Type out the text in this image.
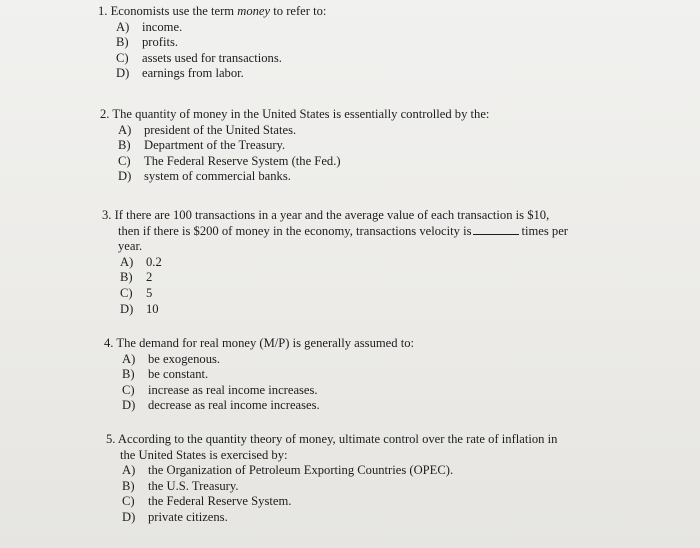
1. Economists use the term money to refer to:
A) income.
B) profits.
C) assets used for transactions.
D) earnings from labor.
2. The quantity of money in the United States is essentially controlled by the:
A) president of the United States.
B) Department of the Treasury.
C) The Federal Reserve System (the Fed.)
D) system of commercial banks.
3. If there are 100 transactions in a year and the average value of each transaction is $10,
then if there is $200 of money in the economy, transactions velocity is	times per
year.
A) 0.2
B) 2
C) 5
D) 10
4. The demand for real money (M/P) is generally assumed to:
A) be exogenous.
B) be constant.
C) increase as real income increases.
D) decrease as real income increases.
5. According to the quantity theory of money, ultimate control over the rate of inflation in
the United States is exercised by:
A) the Organization of Petroleum Exporting Countries (OPEC).
B) the U.S. Treasury.
C) the Federal Reserve System.
D) private citizens.
